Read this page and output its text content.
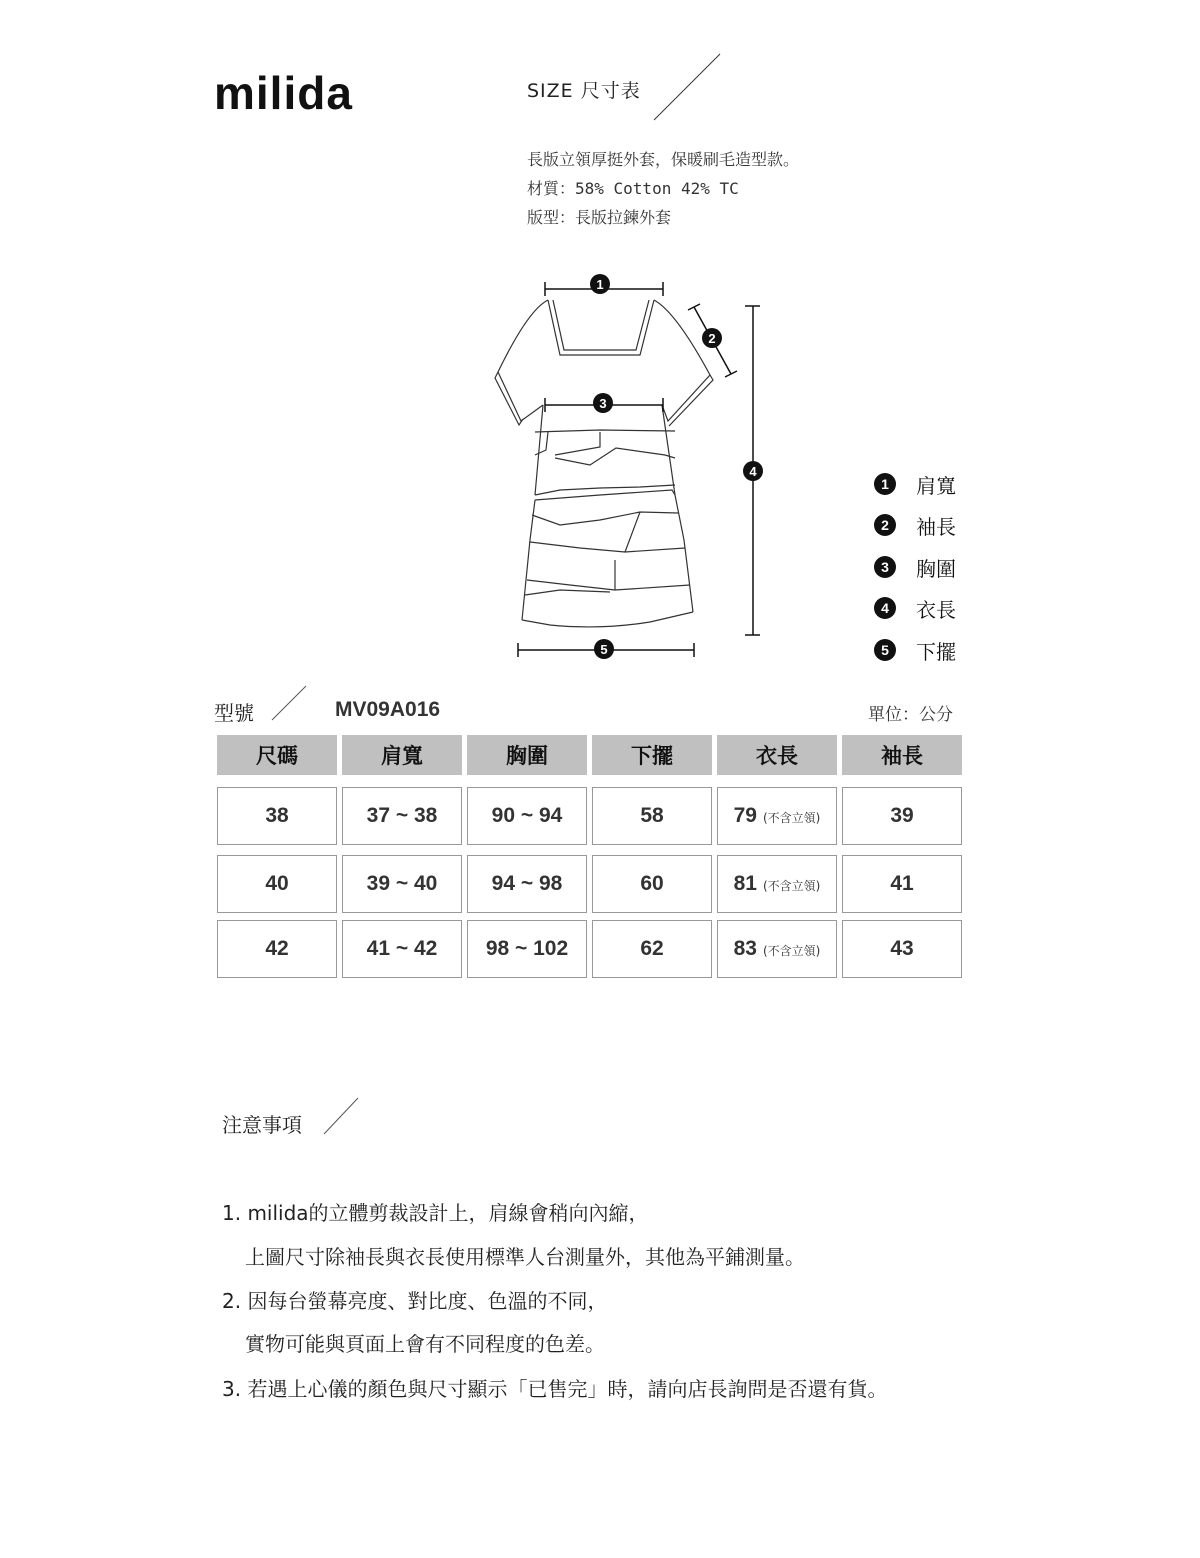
milida	SIZE 尺寸表
長版立領厚挺外套，保暖刷毛造型款。
材質：58% Cotton 42% TC
版型：長版拉鍊外套
1
2
3
4
5
1	肩寬
2	袖長
3	胸圍
4	衣長
5	下擺
型號	MV09A016	單位：公分
尺碼	肩寬	胸圍	下擺	衣長	袖長

38	37 ~ 38	90 ~ 94	58	79 (不含立領)	39

40	39 ~ 40	94 ~ 98	60	81 (不含立領)	41

42	41 ~ 42	98 ~ 102	62	83 (不含立領)	43
注意事項
1. milida的立體剪裁設計上，肩線會稍向內縮，
上圖尺寸除袖長與衣長使用標準人台測量外，其他為平鋪測量。
2. 因每台螢幕亮度、對比度、色溫的不同，
實物可能與頁面上會有不同程度的色差。
3. 若遇上心儀的顏色與尺寸顯示「已售完」時，請向店長詢問是否還有貨。
